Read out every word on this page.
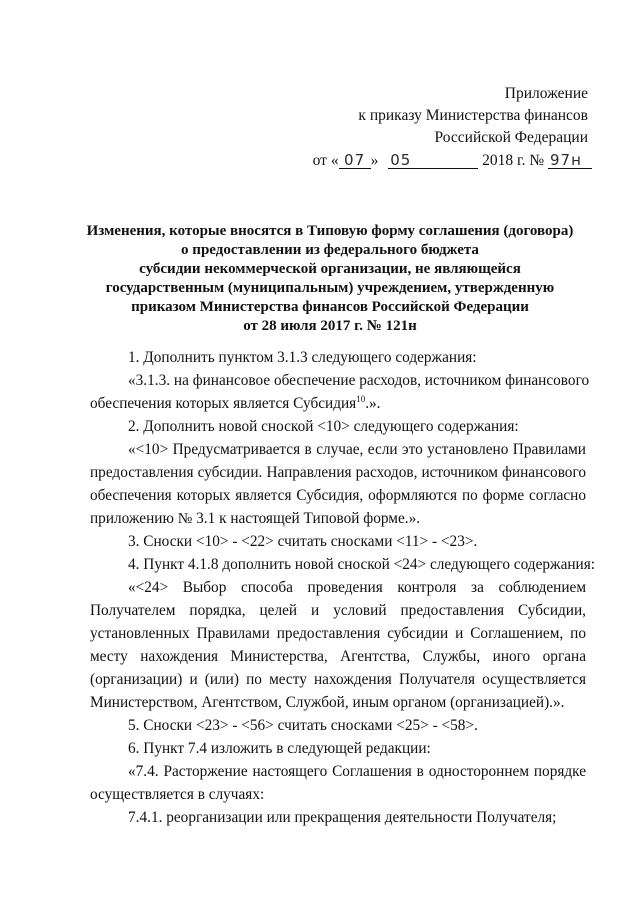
Приложение
к приказу Министерства финансов
Российской Федерации
от « 07 » 05	2018 г. № 97н
Изменения, которые вносятся в Типовую форму соглашения (договора)
о предоставлении из федерального бюджета
субсидии некоммерческой организации, не являющейся
государственным (муниципальным) учреждением, утвержденную
приказом Министерства финансов Российской Федерации
от 28 июля 2017 г. № 121н
1. Дополнить пунктом 3.1.3 следующего содержания:
«3.1.3. на финансовое обеспечение расходов, источником финансового
обеспечения которых является Субсидия$^{10}$.».
2. Дополнить новой сноской <10> следующего содержания:
«<10> Предусматривается в случае, если это установлено Правилами
предоставления субсидии. Направления расходов, источником финансового
обеспечения которых является Субсидия, оформляются по форме согласно
приложению № 3.1 к настоящей Типовой форме.».
3. Сноски <10> - <22> считать сносками <11> - <23>.
4. Пункт 4.1.8 дополнить новой сноской <24> следующего содержания:
«<24> Выбор способа проведения контроля за соблюдением
Получателем порядка, целей и условий предоставления Субсидии,
установленных Правилами предоставления субсидии и Соглашением, по
месту нахождения Министерства, Агентства, Службы, иного органа
(организации) и (или) по месту нахождения Получателя осуществляется
Министерством, Агентством, Службой, иным органом (организацией).».
5. Сноски <23> - <56> считать сносками <25> - <58>.
6. Пункт 7.4 изложить в следующей редакции:
«7.4. Расторжение настоящего Соглашения в одностороннем порядке
осуществляется в случаях:
7.4.1. реорганизации или прекращения деятельности Получателя;
